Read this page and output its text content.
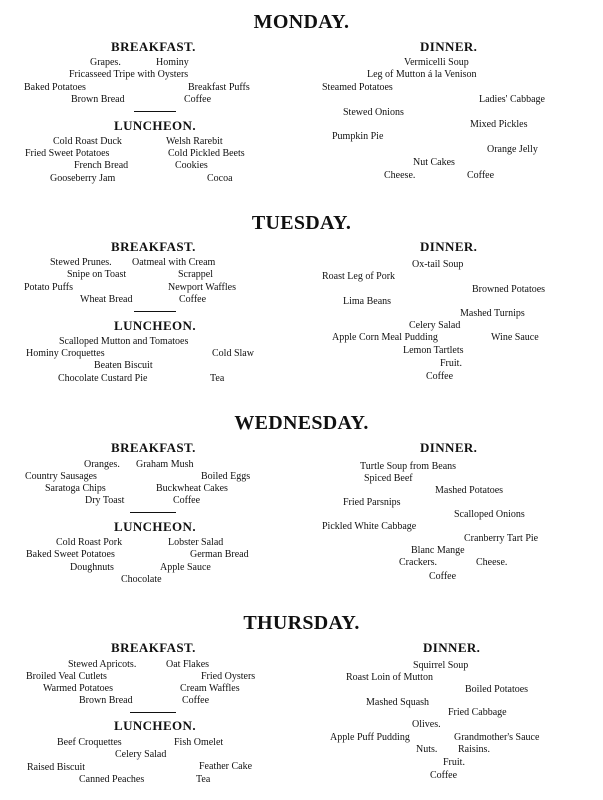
MONDAY.
BREAKFAST.
Grapes.	Hominy
Fricasseed Tripe with Oysters
Baked Potatoes	Breakfast Puffs
Brown Bread	Coffee
LUNCHEON.
Cold Roast Duck	Welsh Rarebit
Fried Sweet Potatoes	Cold Pickled Beets
French Bread	Cookies
Gooseberry Jam	Cocoa
DINNER.
Vermicelli Soup
Leg of Mutton á la Venison
Steamed Potatoes
Ladies' Cabbage
Stewed Onions
Mixed Pickles
Pumpkin Pie
Orange Jelly
Nut Cakes
Cheese.	Coffee
TUESDAY.
BREAKFAST.
Stewed Prunes. Oatmeal with Cream
Snipe on Toast	Scrappel
Potato Puffs	Newport Waffles
Wheat Bread	Coffee
LUNCHEON.
Scalloped Mutton and Tomatoes
Hominy Croquettes	Cold Slaw
Beaten Biscuit
Chocolate Custard Pie	Tea
DINNER.
Ox-tail Soup
Roast Leg of Pork
Browned Potatoes
Lima Beans
Mashed Turnips
Celery Salad
Apple Corn Meal Pudding	Wine Sauce
Lemon Tartlets
Fruit.
Coffee
WEDNESDAY.
BREAKFAST.
Oranges. Graham Mush
Country Sausages	Boiled Eggs
Saratoga Chips	Buckwheat Cakes
Dry Toast	Coffee
LUNCHEON.
Cold Roast Pork	Lobster Salad
Baked Sweet Potatoes	German Bread
Doughnuts	Apple Sauce
Chocolate
DINNER.
Turtle Soup from Beans
Spiced Beef
Mashed Potatoes
Fried Parsnips
Scalloped Onions
Pickled White Cabbage
Cranberry Tart Pie
Blanc Mange
Crackers.	Cheese.
Coffee
THURSDAY.
BREAKFAST.
Stewed Apricots.	Oat Flakes
Broiled Veal Cutlets	Fried Oysters
Warmed Potatoes	Cream Waffles
Brown Bread	Coffee
LUNCHEON.
Beef Croquettes	Fish Omelet
Celery Salad
Raised Biscuit	Feather Cake
Canned Peaches	Tea
DINNER.
Squirrel Soup
Roast Loin of Mutton
Boiled Potatoes
Mashed Squash
Fried Cabbage
Olives.
Apple Puff Pudding	Grandmother's Sauce
Nuts. Raisins.
Fruit.
Coffee
